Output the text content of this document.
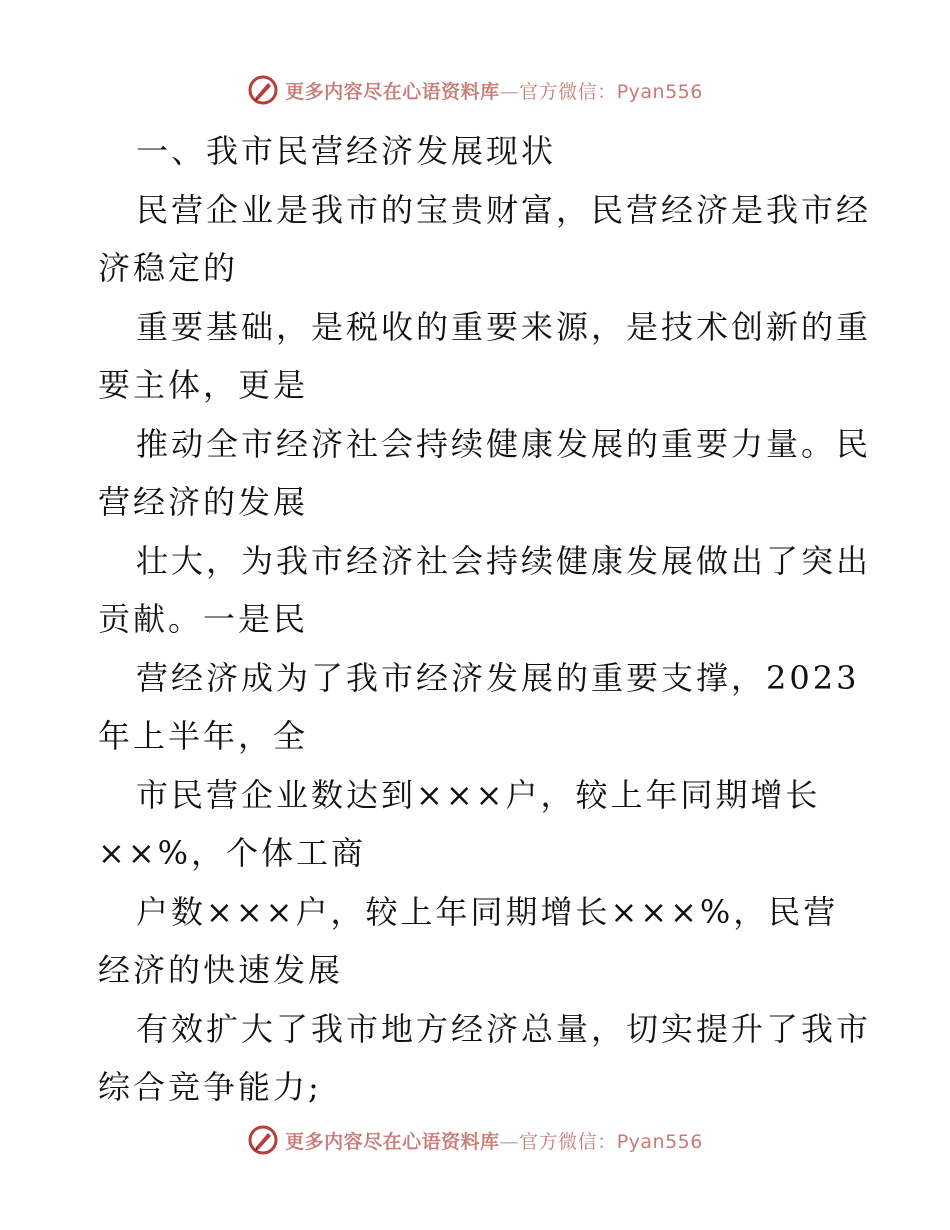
更多内容尽在心语资料库—官方微信：Pyan556
一、我市民营经济发展现状
民营企业是我市的宝贵财富，民营经济是我市经
济稳定的
重要基础，是税收的重要来源，是技术创新的重
要主体，更是
推动全市经济社会持续健康发展的重要力量。民
营经济的发展
壮大，为我市经济社会持续健康发展做出了突出
贡献。一是民
营经济成为了我市经济发展的重要支撑，2023
年上半年，全
市民营企业数达到×××户，较上年同期增长
××%，个体工商
户数×××户，较上年同期增长×××%，民营
经济的快速发展
有效扩大了我市地方经济总量，切实提升了我市
综合竞争能力;
更多内容尽在心语资料库—官方微信：Pyan556
